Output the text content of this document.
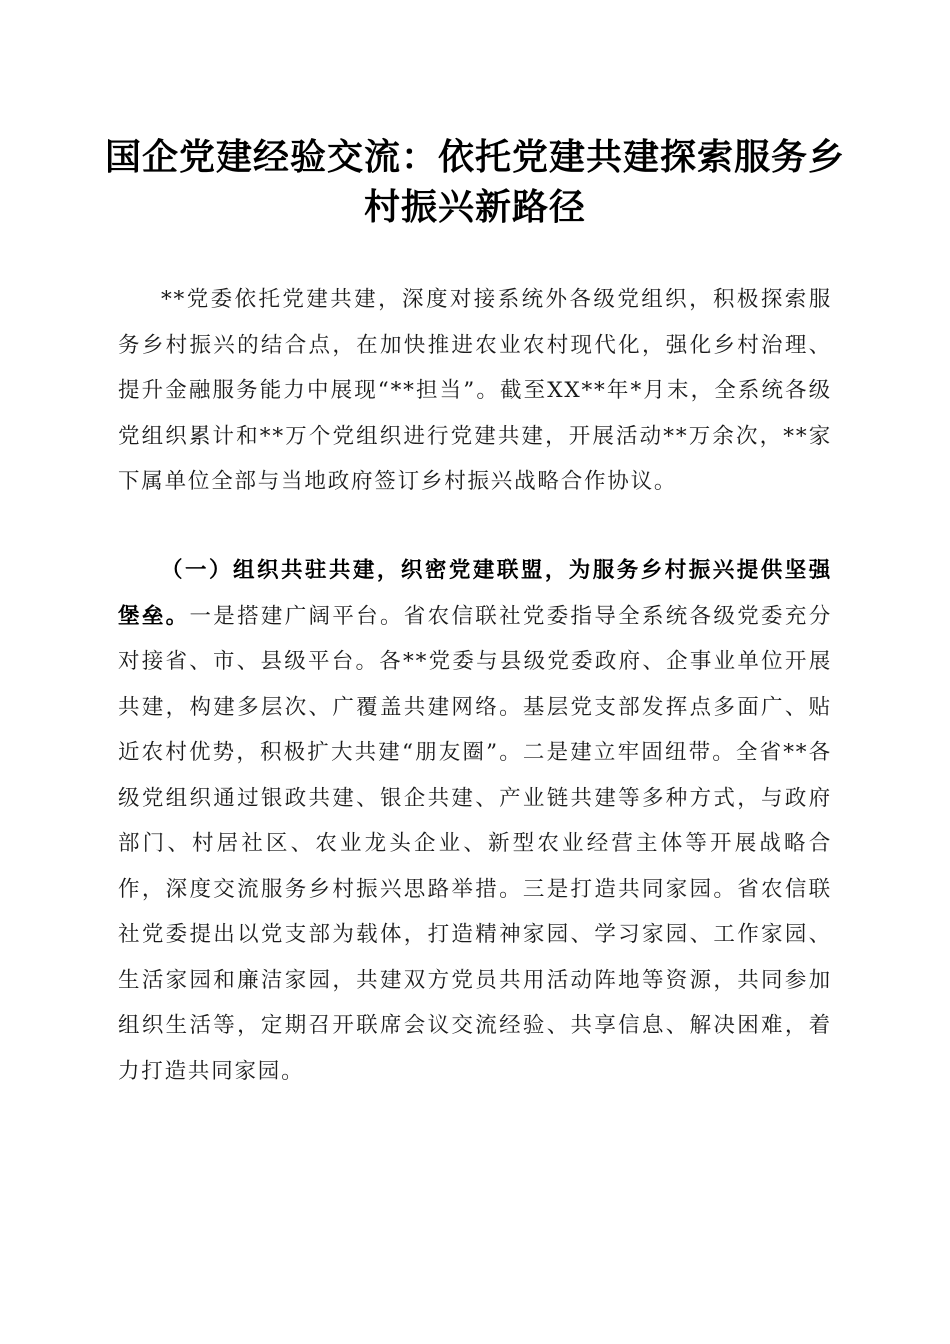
国企党建经验交流：依托党建共建探索服务乡村振兴新路径

**党委依托党建共建，深度对接系统外各级党组织，积极探索服务乡村振兴的结合点，在加快推进农业农村现代化，强化乡村治理、提升金融服务能力中展现“**担当”。截至XX**年*月末，全系统各级党组织累计和**万个党组织进行党建共建，开展活动**万余次，**家下属单位全部与当地政府签订乡村振兴战略合作协议。

（一）组织共驻共建，织密党建联盟，为服务乡村振兴提供坚强堡垒。一是搭建广阔平台。省农信联社党委指导全系统各级党委充分对接省、市、县级平台。各**党委与县级党委政府、企事业单位开展共建，构建多层次、广覆盖共建网络。基层党支部发挥点多面广、贴近农村优势，积极扩大共建“朋友圈”。二是建立牢固纽带。全省**各级党组织通过银政共建、银企共建、产业链共建等多种方式，与政府部门、村居社区、农业龙头企业、新型农业经营主体等开展战略合作，深度交流服务乡村振兴思路举措。三是打造共同家园。省农信联社党委提出以党支部为载体，打造精神家园、学习家园、工作家园、生活家园和廉洁家园，共建双方党员共用活动阵地等资源，共同参加组织生活等，定期召开联席会议交流经验、共享信息、解决困难，着力打造共同家园。
